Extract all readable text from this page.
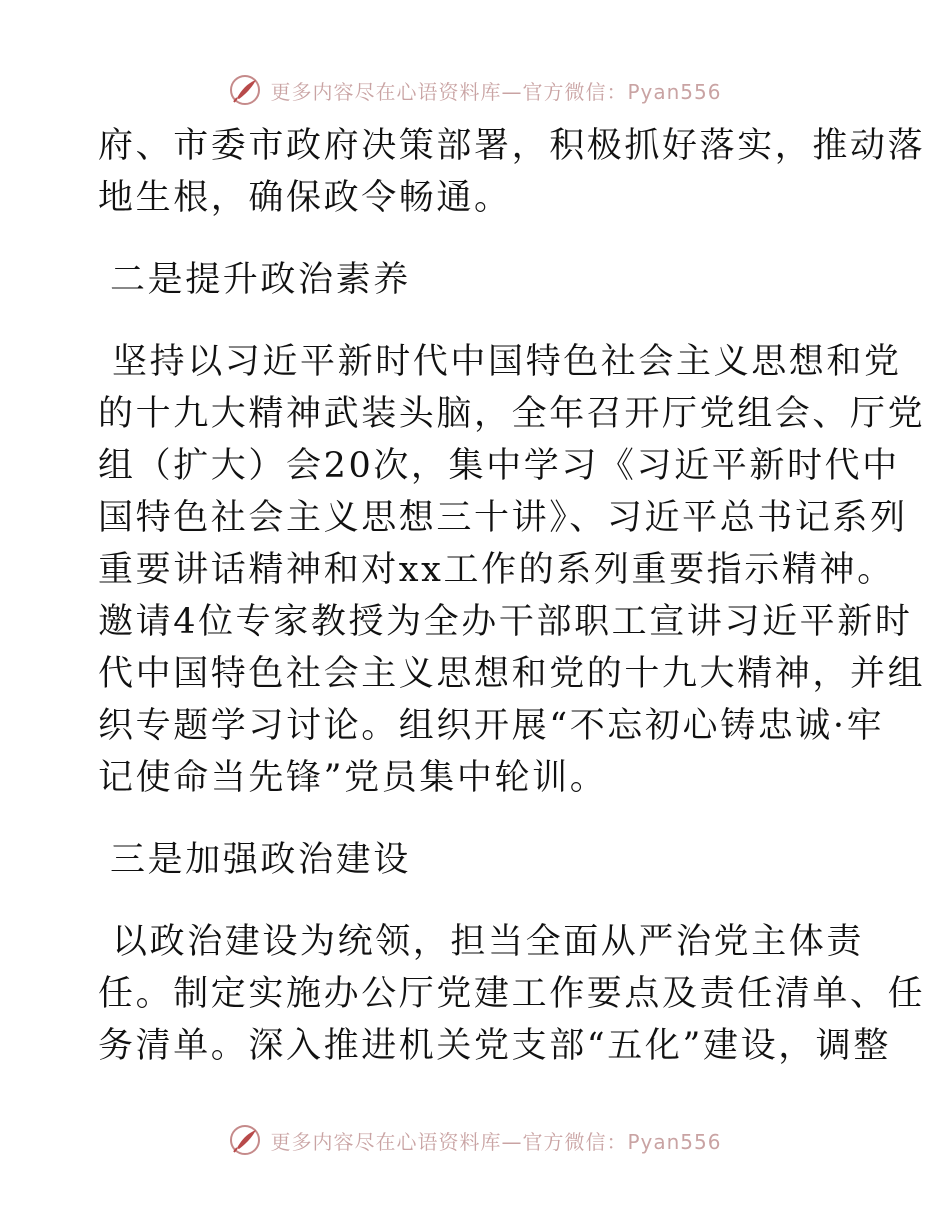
更多内容尽在心语资料库—官方微信：Pyan556
府、市委市政府决策部署，积极抓好落实，推动落
地生根，确保政令畅通。
二是提升政治素养
坚持以习近平新时代中国特色社会主义思想和党
的十九大精神武装头脑，全年召开厅党组会、厅党
组（扩大）会20次，集中学习《习近平新时代中
国特色社会主义思想三十讲》、习近平总书记系列
重要讲话精神和对xx工作的系列重要指示精神。
邀请4位专家教授为全办干部职工宣讲习近平新时
代中国特色社会主义思想和党的十九大精神，并组
织专题学习讨论。组织开展“不忘初心铸忠诚·牢
记使命当先锋”党员集中轮训。
三是加强政治建设
以政治建设为统领，担当全面从严治党主体责
任。制定实施办公厅党建工作要点及责任清单、任
务清单。深入推进机关党支部“五化”建设，调整
更多内容尽在心语资料库—官方微信：Pyan556
